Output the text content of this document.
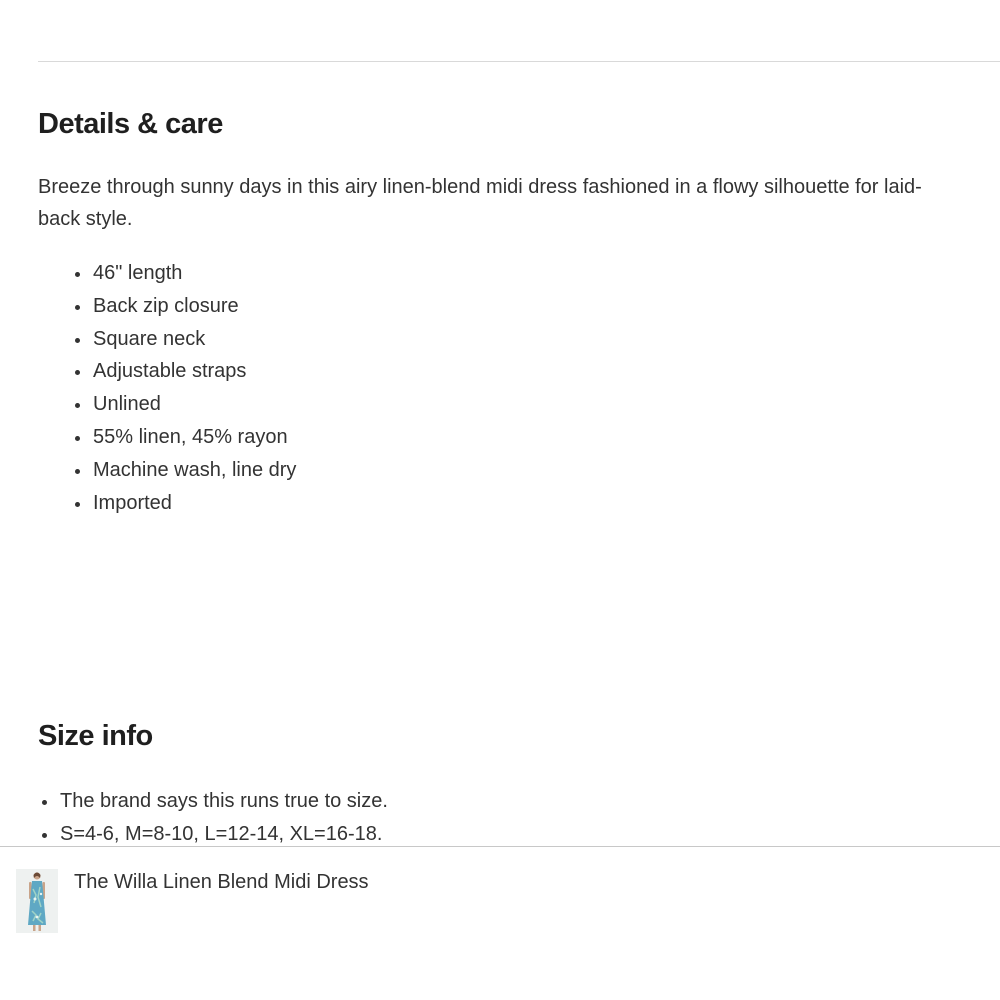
Details & care

Breeze through sunny days in this airy linen-blend midi dress fashioned in a flowy silhouette for laid-back style.

46" length
Back zip closure
Square neck
Adjustable straps
Unlined
55% linen, 45% rayon
Machine wash, line dry
Imported
Size info
The brand says this runs true to size.
S=4-6, M=8-10, L=12-14, XL=16-18.
The Willa Linen Blend Midi Dress
